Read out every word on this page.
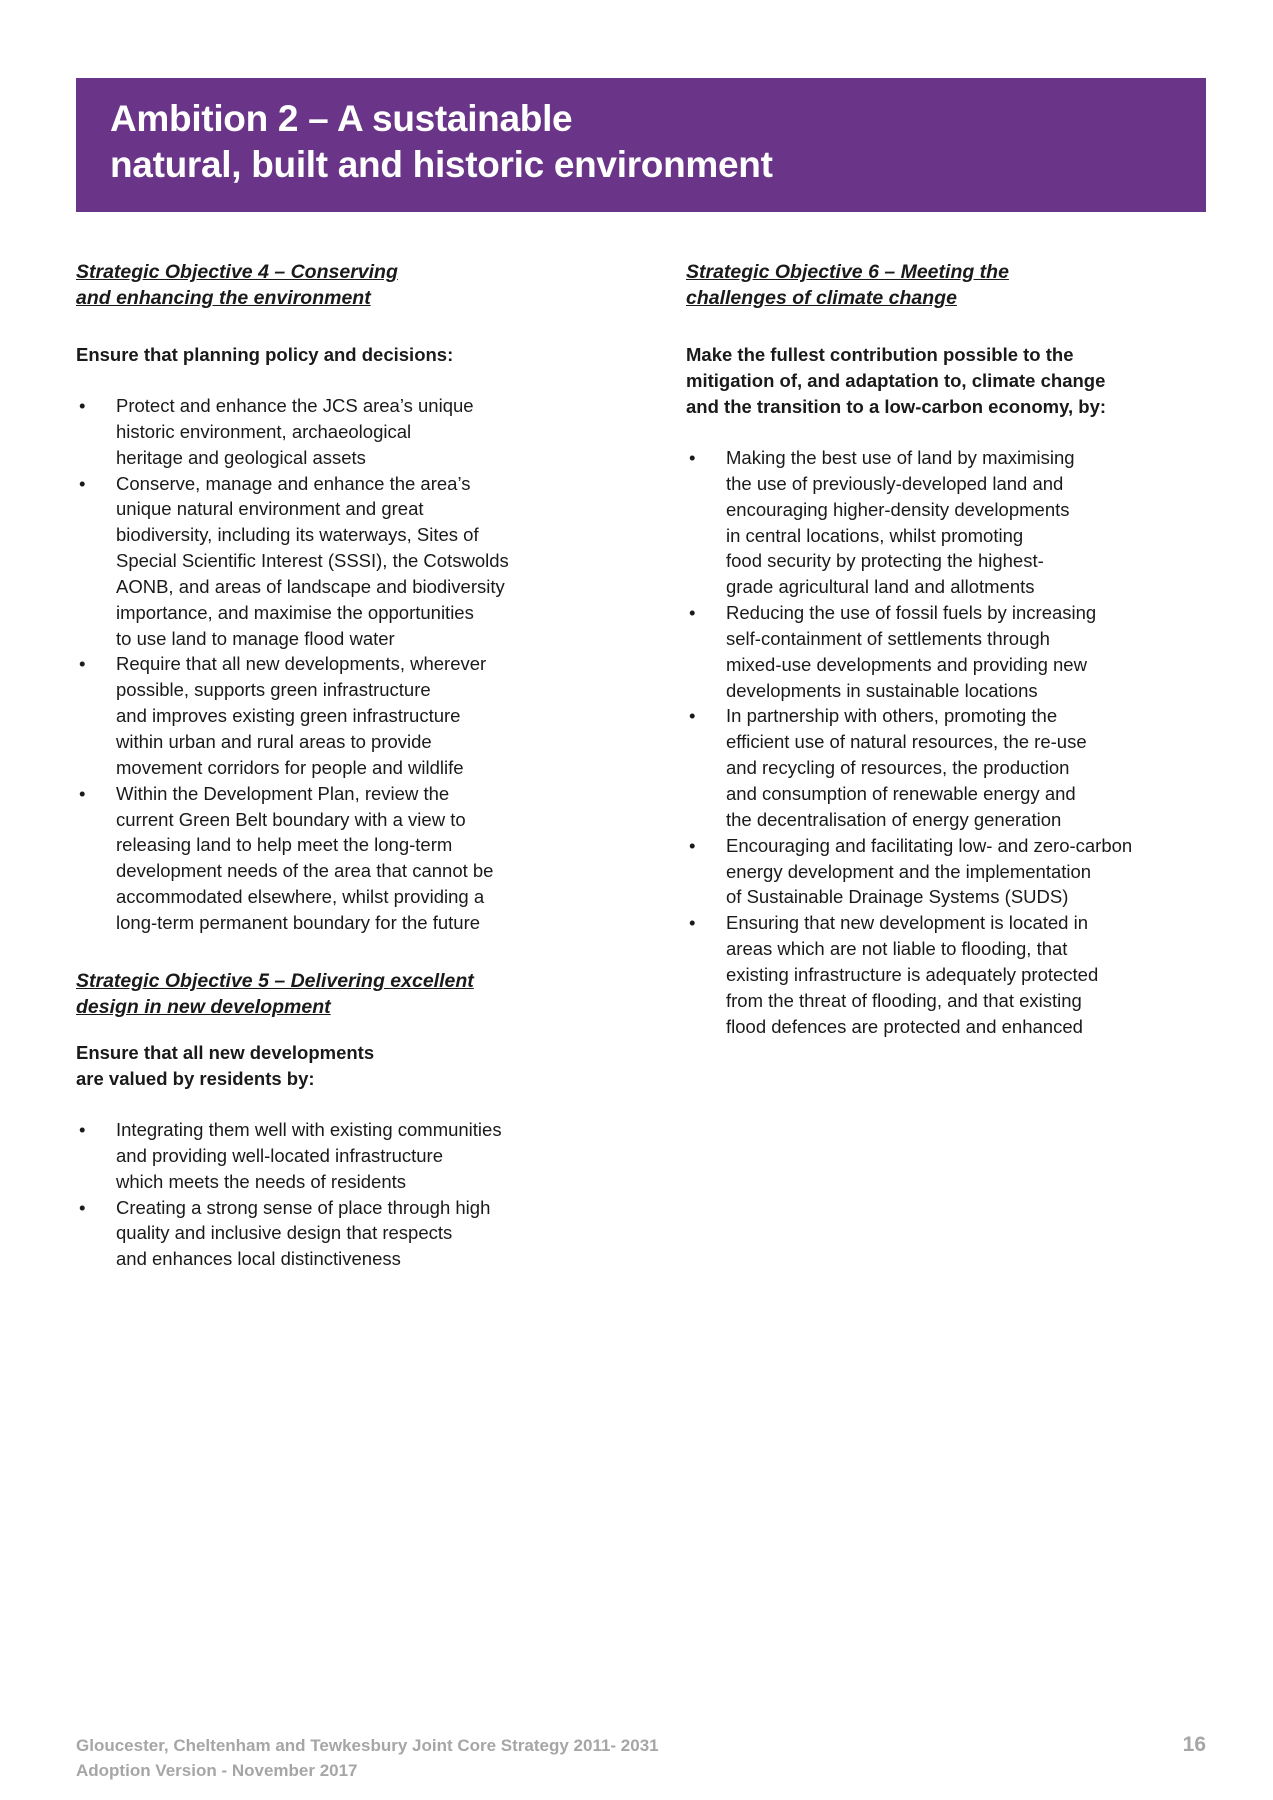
Ambition 2 – A sustainable
natural, built and historic environment
Strategic Objective 4 – Conserving
and enhancing the environment
Ensure that planning policy and decisions:
• Protect and enhance the JCS area’s unique
historic environment, archaeological
heritage and geological assets
• Conserve, manage and enhance the area’s
unique natural environment and great
biodiversity, including its waterways, Sites of
Special Scientific Interest (SSSI), the Cotswolds
AONB, and areas of landscape and biodiversity
importance, and maximise the opportunities
to use land to manage flood water
• Require that all new developments, wherever
possible, supports green infrastructure
and improves existing green infrastructure
within urban and rural areas to provide
movement corridors for people and wildlife
• Within the Development Plan, review the
current Green Belt boundary with a view to
releasing land to help meet the long-term
development needs of the area that cannot be
accommodated elsewhere, whilst providing a
long-term permanent boundary for the future
Strategic Objective 5 – Delivering excellent
design in new development
Ensure that all new developments
are valued by residents by:
• Integrating them well with existing communities
and providing well-located infrastructure
which meets the needs of residents
• Creating a strong sense of place through high
quality and inclusive design that respects
and enhances local distinctiveness
Strategic Objective 6 – Meeting the
challenges of climate change
Make the fullest contribution possible to the
mitigation of, and adaptation to, climate change
and the transition to a low-carbon economy, by:
• Making the best use of land by maximising
the use of previously-developed land and
encouraging higher-density developments
in central locations, whilst promoting
food security by protecting the highest-
grade agricultural land and allotments
• Reducing the use of fossil fuels by increasing
self-containment of settlements through
mixed-use developments and providing new
developments in sustainable locations
• In partnership with others, promoting the
efficient use of natural resources, the re-use
and recycling of resources, the production
and consumption of renewable energy and
the decentralisation of energy generation
• Encouraging and facilitating low- and zero-carbon
energy development and the implementation
of Sustainable Drainage Systems (SUDS)
• Ensuring that new development is located in
areas which are not liable to flooding, that
existing infrastructure is adequately protected
from the threat of flooding, and that existing
flood defences are protected and enhanced
Gloucester, Cheltenham and Tewkesbury Joint Core Strategy 2011- 2031
Adoption Version - November 2017
16
